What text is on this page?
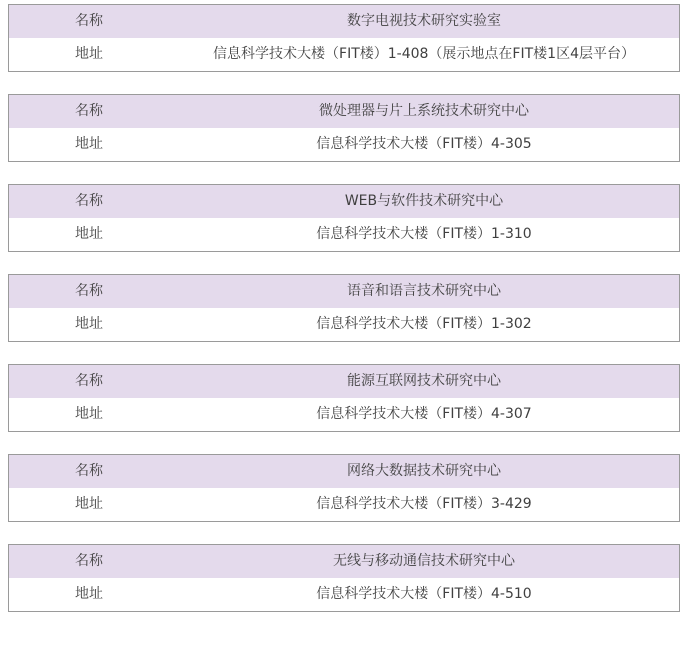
名称	数字电视技术研究实验室
地址	信息科学技术大楼（FIT楼）1-408（展示地点在FIT楼1区4层平台）
名称	微处理器与片上系统技术研究中心
地址	信息科学技术大楼（FIT楼）4-305
名称	WEB与软件技术研究中心
地址	信息科学技术大楼（FIT楼）1-310
名称	语音和语言技术研究中心
地址	信息科学技术大楼（FIT楼）1-302
名称	能源互联网技术研究中心
地址	信息科学技术大楼（FIT楼）4-307
名称	网络大数据技术研究中心
地址	信息科学技术大楼（FIT楼）3-429
名称	无线与移动通信技术研究中心
地址	信息科学技术大楼（FIT楼）4-510
